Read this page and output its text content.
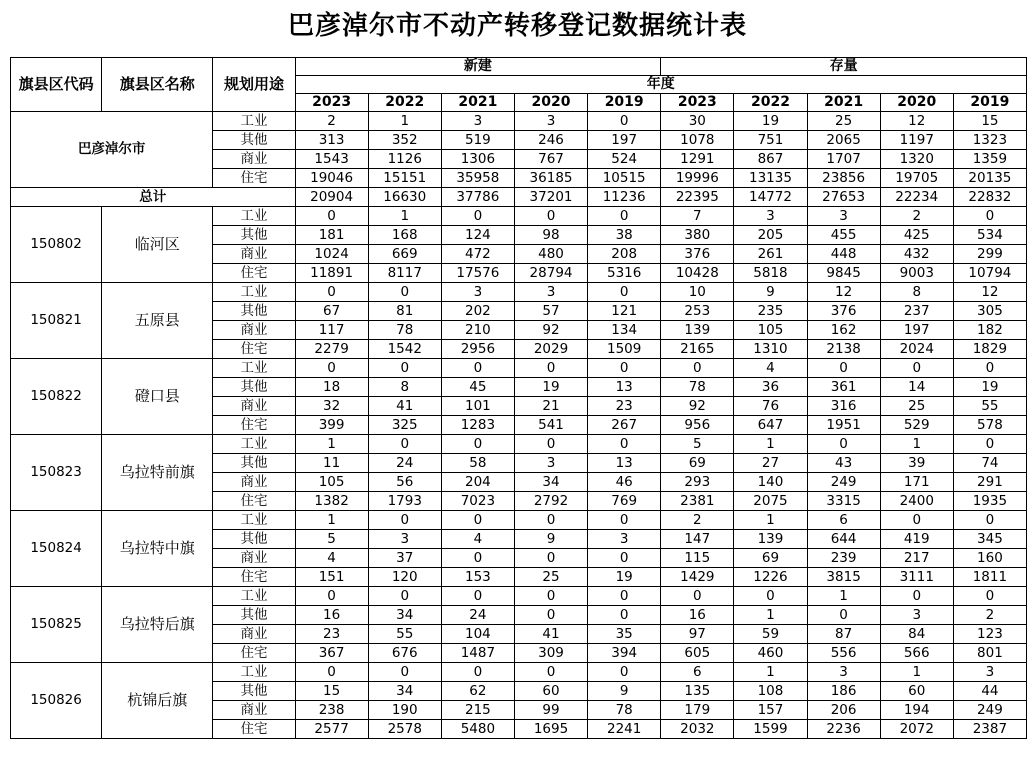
巴彦淖尔市不动产转移登记数据统计表
旗县区代码	旗县区名称	规划用途	新建					存量				
			年度									
			2023	2022	2021	2020	2019	2023	2022	2021	2020	2019
巴彦淖尔市		工业	2	1	3	3	0	30	19	25	12	15
		其他	313	352	519	246	197	1078	751	2065	1197	1323
		商业	1543	1126	1306	767	524	1291	867	1707	1320	1359
		住宅	19046	15151	35958	36185	10515	19996	13135	23856	19705	20135
总计			20904	16630	37786	37201	11236	22395	14772	27653	22234	22832
150802	临河区	工业	0	1	0	0	0	7	3	3	2	0
		其他	181	168	124	98	38	380	205	455	425	534
		商业	1024	669	472	480	208	376	261	448	432	299
		住宅	11891	8117	17576	28794	5316	10428	5818	9845	9003	10794
150821	五原县	工业	0	0	3	3	0	10	9	12	8	12
		其他	67	81	202	57	121	253	235	376	237	305
		商业	117	78	210	92	134	139	105	162	197	182
		住宅	2279	1542	2956	2029	1509	2165	1310	2138	2024	1829
150822	磴口县	工业	0	0	0	0	0	0	4	0	0	0
		其他	18	8	45	19	13	78	36	361	14	19
		商业	32	41	101	21	23	92	76	316	25	55
		住宅	399	325	1283	541	267	956	647	1951	529	578
150823	乌拉特前旗	工业	1	0	0	0	0	5	1	0	1	0
		其他	11	24	58	3	13	69	27	43	39	74
		商业	105	56	204	34	46	293	140	249	171	291
		住宅	1382	1793	7023	2792	769	2381	2075	3315	2400	1935
150824	乌拉特中旗	工业	1	0	0	0	0	2	1	6	0	0
		其他	5	3	4	9	3	147	139	644	419	345
		商业	4	37	0	0	0	115	69	239	217	160
		住宅	151	120	153	25	19	1429	1226	3815	3111	1811
150825	乌拉特后旗	工业	0	0	0	0	0	0	0	1	0	0
		其他	16	34	24	0	0	16	1	0	3	2
		商业	23	55	104	41	35	97	59	87	84	123
		住宅	367	676	1487	309	394	605	460	556	566	801
150826	杭锦后旗	工业	0	0	0	0	0	6	1	3	1	3
		其他	15	34	62	60	9	135	108	186	60	44
		商业	238	190	215	99	78	179	157	206	194	249
		住宅	2577	2578	5480	1695	2241	2032	1599	2236	2072	2387
